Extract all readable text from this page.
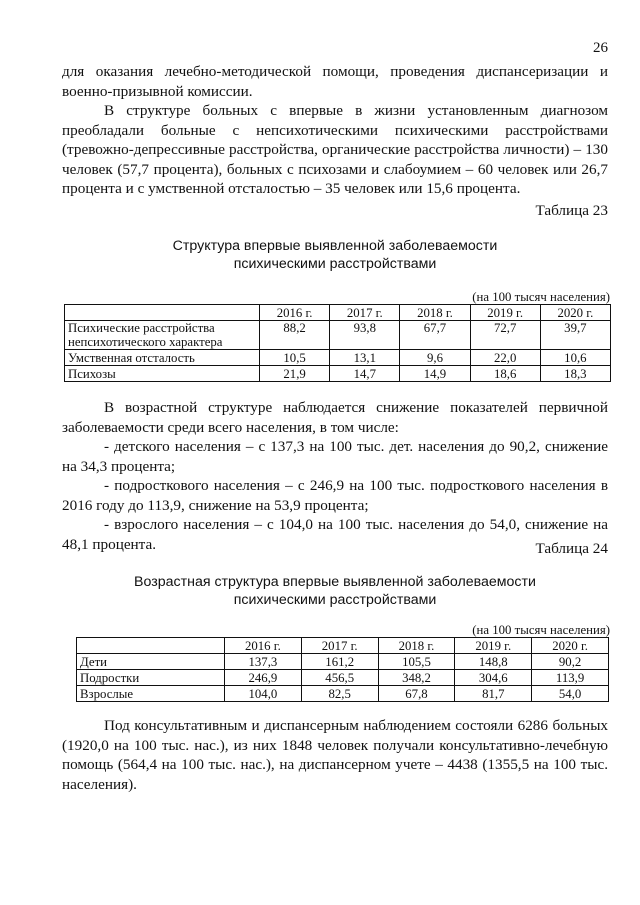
26

для оказания лечебно-методической помощи, проведения диспансеризации и военно-призывной комиссии.

В структуре больных с впервые в жизни установленным диагнозом преобладали больные с непсихотическими психическими расстройствами (тревожно-депрессивные расстройства, органические расстройства личности) – 130 человек (57,7 процента), больных с психозами и слабоумием – 60 человек или 26,7 процента и с умственной отсталостью – 35 человек или 15,6 процента.

Таблица 23
Структура впервые выявленной заболеваемости
психическими расстройствами
(на 100 тысяч населения)
	2016 г.	2017 г.	2018 г.	2019 г.	2020 г.
Психические расстройства непсихотического характера	88,2	93,8	67,7	72,7	39,7
Умственная отсталость	10,5	13,1	9,6	22,0	10,6
Психозы	21,9	14,7	14,9	18,6	18,3

В возрастной структуре наблюдается снижение показателей первичной заболеваемости среди всего населения, в том числе:

- детского населения – с 137,3 на 100 тыс. дет. населения до 90,2, снижение на 34,3 процента;

- подросткового населения – с 246,9 на 100 тыс. подросткового населения в 2016 году до 113,9, снижение на 53,9 процента;

- взрослого населения – с 104,0 на 100 тыс. населения до 54,0, снижение на 48,1 процента.	Таблица 24
Возрастная структура впервые выявленной заболеваемости
психическими расстройствами
(на 100 тысяч населения)
	2016 г.	2017 г.	2018 г.	2019 г.	2020 г.
Дети	137,3	161,2	105,5	148,8	90,2
Подростки	246,9	456,5	348,2	304,6	113,9
Взрослые	104,0	82,5	67,8	81,7	54,0

Под консультативным и диспансерным наблюдением состояли 6286 больных (1920,0 на 100 тыс. нас.), из них 1848 человек получали консультативно-лечебную помощь (564,4 на 100 тыс. нас.), на диспансерном учете – 4438 (1355,5 на 100 тыс. населения).
